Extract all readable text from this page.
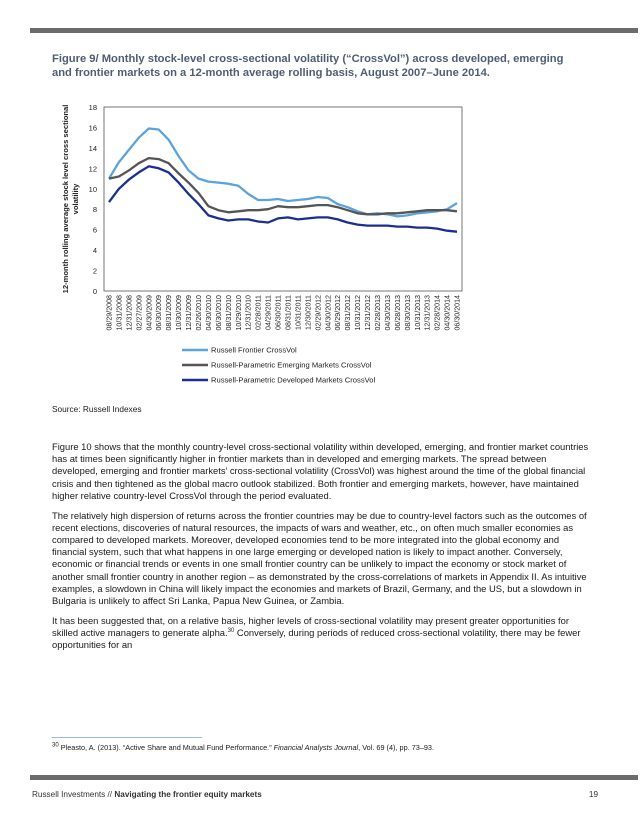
Figure 9/ Monthly stock-level cross-sectional volatility (“CrossVol”) across developed, emerging and frontier markets on a 12-month average rolling basis, August 2007–June 2014.
0
2
4
6
8
10
12
14
16
18
08/29/2008 10/31/2008 12/31/2008 02/27/2009 04/30/2009 06/30/2009 08/31/2009 10/30/2009 12/31/2009 02/26/2010 04/30/2010 06/30/2010 08/31/2010 10/29/2010 12/31/2010 02/28/2011 04/29/2011 06/30/2011 08/31/2011 10/31/2011 12/30/2011 02/29/2012 04/30/2012 06/29/2012 08/31/2012 10/31/2012 12/31/2012 02/28/2013 04/30/2013 06/28/2013 08/30/2013 10/31/2013 12/31/2013 02/28/2014 04/30/2014 06/30/2014
12-month rolling average stock level cross sectionalvolatility
Russell Frontier CrossVol
Russell-Parametric Emerging Markets CrossVol
Russell-Parametric Developed Markets CrossVol
Source: Russell Indexes

Figure 10 shows that the monthly country-level cross-sectional volatility within developed, emerging, and frontier market countries has at times been significantly higher in frontier markets than in developed and emerging markets. The spread between developed, emerging and frontier markets’ cross-sectional volatility (CrossVol) was highest around the time of the global financial crisis and then tightened as the global macro outlook stabilized. Both frontier and emerging markets, however, have maintained higher relative country-level CrossVol through the period evaluated.

The relatively high dispersion of returns across the frontier countries may be due to country-level factors such as the outcomes of recent elections, discoveries of natural resources, the impacts of wars and weather, etc., on often much smaller economies as compared to developed markets. Moreover, developed economies tend to be more integrated into the global economy and financial system, such that what happens in one large emerging or developed nation is likely to impact another. Conversely, economic or financial trends or events in one small frontier country can be unlikely to impact the economy or stock market of another small frontier country in another region – as demonstrated by the cross-correlations of markets in Appendix II. As intuitive examples, a slowdown in China will likely impact the economies and markets of Brazil, Germany, and the US, but a slowdown in Bulgaria is unlikely to affect Sri Lanka, Papua New Guinea, or Zambia.

It has been suggested that, on a relative basis, higher levels of cross-sectional volatility may present greater opportunities for skilled active managers to generate alpha.$^{30}$ Conversely, during periods of reduced cross-sectional volatility, there may be fewer opportunities for an

$^{30}$ Pleasto, A. (2013). “Active Share and Mutual Fund Performance.” Financial Analysts Journal, Vol. 69 (4), pp. 73–93.
Russell Investments // Navigating the frontier equity markets	19
